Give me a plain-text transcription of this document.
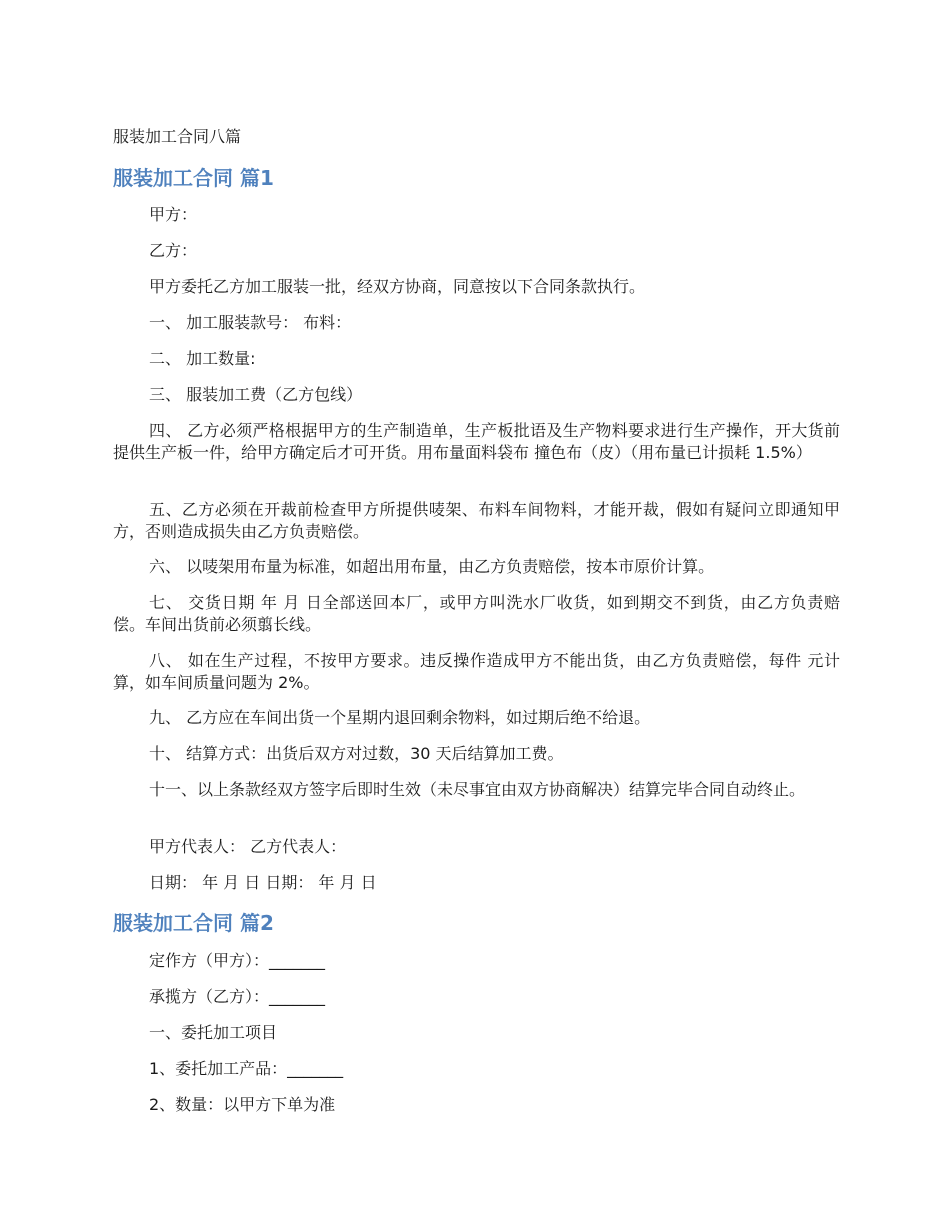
服装加工合同八篇

服装加工合同 篇1

甲方：

乙方：

甲方委托乙方加工服装一批，经双方协商，同意按以下合同条款执行。

一、 加工服装款号： 布料：

二、 加工数量:

三、 服装加工费（乙方包线）

四、 乙方必须严格根据甲方的生产制造单，生产板批语及生产物料要求进行生产操作，开大货前提供生产板一件，给甲方确定后才可开货。用布量面料袋布 撞色布（皮）（用布量已计损耗 1.5%）

五、乙方必须在开裁前检查甲方所提供唛架、布料车间物料，才能开裁，假如有疑问立即通知甲方，否则造成损失由乙方负责赔偿。

六、 以唛架用布量为标准，如超出用布量，由乙方负责赔偿，按本市原价计算。

七、 交货日期 年 月 日全部送回本厂，或甲方叫洗水厂收货，如到期交不到货，由乙方负责赔偿。车间出货前必须翦长线。

八、 如在生产过程，不按甲方要求。违反操作造成甲方不能出货，由乙方负责赔偿，每件 元计算，如车间质量问题为 2%。

九、 乙方应在车间出货一个星期内退回剩余物料，如过期后绝不给退。

十、 结算方式：出货后双方对过数，30 天后结算加工费。

十一、以上条款经双方签字后即时生效（未尽事宜由双方协商解决）结算完毕合同自动终止。

甲方代表人： 乙方代表人：

日期： 年 月 日 日期： 年 月 日

服装加工合同 篇2

定作方（甲方）：_______

承揽方（乙方）：_______

一、委托加工项目

1、委托加工产品：_______

2、数量：以甲方下单为准
